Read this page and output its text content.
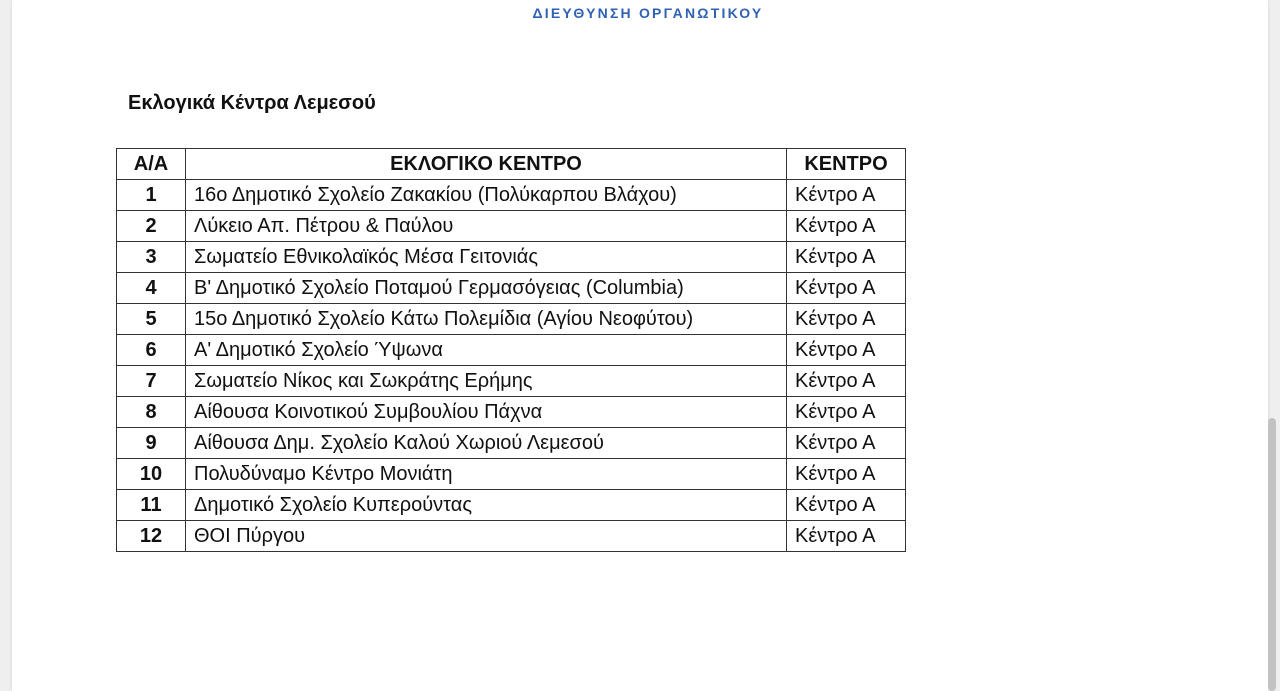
ΔΙΕΥΘΥΝΣΗ ΟΡΓΑΝΩΤΙΚΟΥ
Εκλογικά Κέντρα Λεμεσού
Α/Α	ΕΚΛΟΓΙΚΟ ΚΕΝΤΡΟ	ΚΕΝΤΡΟ
1	16ο Δημοτικό Σχολείο Ζακακίου (Πολύκαρπου Βλάχου)	Κέντρο Α
2	Λύκειο Απ. Πέτρου & Παύλου	Κέντρο Α
3	Σωματείο Εθνικολαϊκός Μέσα Γειτονιάς	Κέντρο Α
4	Β' Δημοτικό Σχολείο Ποταμού Γερμασόγειας (Columbia)	Κέντρο Α
5	15ο Δημοτικό Σχολείο Κάτω Πολεμίδια (Αγίου Νεοφύτου)	Κέντρο Α
6	Α' Δημοτικό Σχολείο Ύψωνα	Κέντρο Α
7	Σωματείο Νίκος και Σωκράτης Ερήμης	Κέντρο Α
8	Αίθουσα Κοινοτικού Συμβουλίου Πάχνα	Κέντρο Α
9	Αίθουσα Δημ. Σχολείο Καλού Χωριού Λεμεσού	Κέντρο Α
10	Πολυδύναμο Κέντρο Μονιάτη	Κέντρο Α
11	Δημοτικό Σχολείο Κυπερούντας	Κέντρο Α
12	ΘΟΙ Πύργου	Κέντρο Α
